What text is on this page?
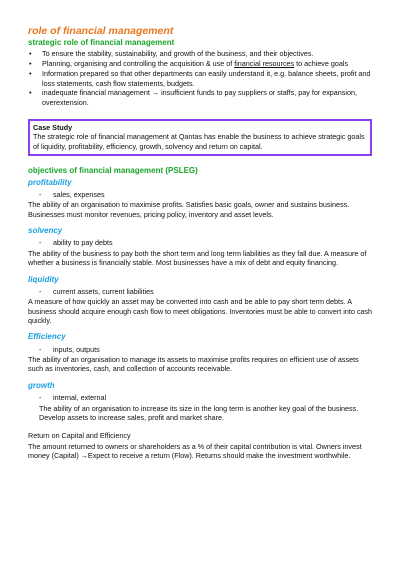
role of financial management
strategic role of financial management
• To ensure the stability, sustainability, and growth of the business, and their objectives.
• Planning, organising and controlling the acquisition & use of financial resources to achieve goals
• Information prepared so that other departments can easily understand it, e.g. balance sheets, profit and loss statements, cash flow statements, budgets.
• inadequate financial management → insufficient funds to pay suppliers or staffs, pay for expansion, overextension.
Case Study
The strategic role of financial management at Qantas has enable the business to achieve strategic goals of liquidity, profitability, efficiency, growth, solvency and return on capital.
objectives of financial management (PSLEG)
profitability
- sales, expenses

The ability of an organisation to maximise profits. Satisfies basic goals, owner and sustains business. Businesses must monitor revenues, pricing policy, inventory and asset levels.

solvency
- ability to pay debts

The ability of the business to pay both the short term and long term liabilities as they fall due. A measure of whether a business is financially stable. Most businesses have a mix of debt and equity financing.

liquidity
- current assets, current liabilities

A measure of how quickly an asset may be converted into cash and be able to pay short term debts. A business should acquire enough cash flow to meet obligations. Inventories must be able to convert into cash quickly.

Efficiency
- inputs, outputs

The ability of an organisation to manage its assets to maximise profits requires on efficient use of assets such as inventories, cash, and collection of accounts receivable.

growth
- internal, external

The ability of an organisation to increase its size in the long term is another key goal of the business. Develop assets to increase sales, profit and market share.

Return on Capital and Efficiency

The amount returned to owners or shareholders as a % of their capital contribution is vital. Owners invest money (Capital) →Expect to receive a return (Flow). Returns should make the investment worthwhile.
